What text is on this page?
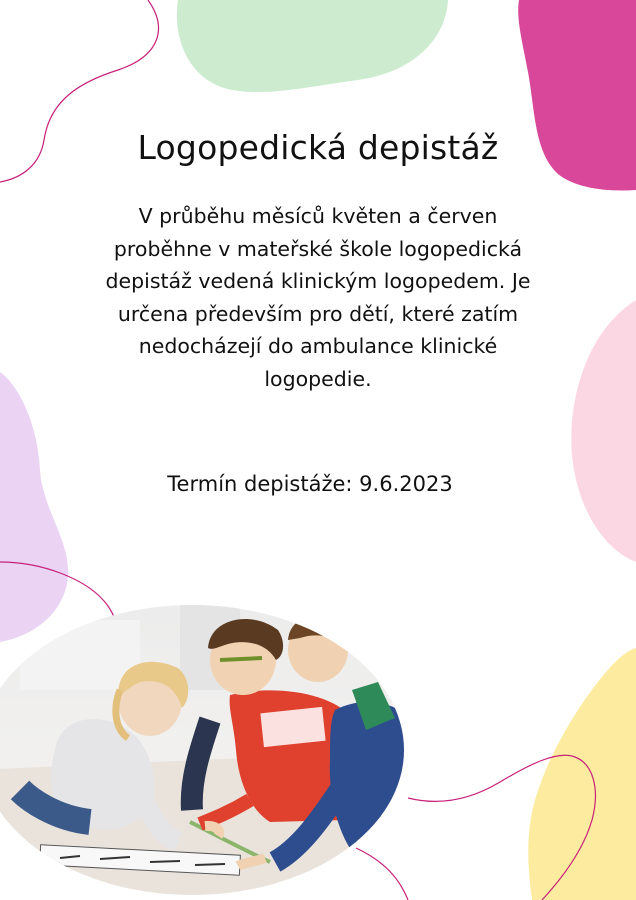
Logopedická depistáž
V průběhu měsíců květen a červen
proběhne v mateřské škole logopedická
depistáž vedená klinickým logopedem. Je
určena především pro dětí, které zatím
nedocházejí do ambulance klinické
logopedie.

Termín depistáže: 9.6.2023
